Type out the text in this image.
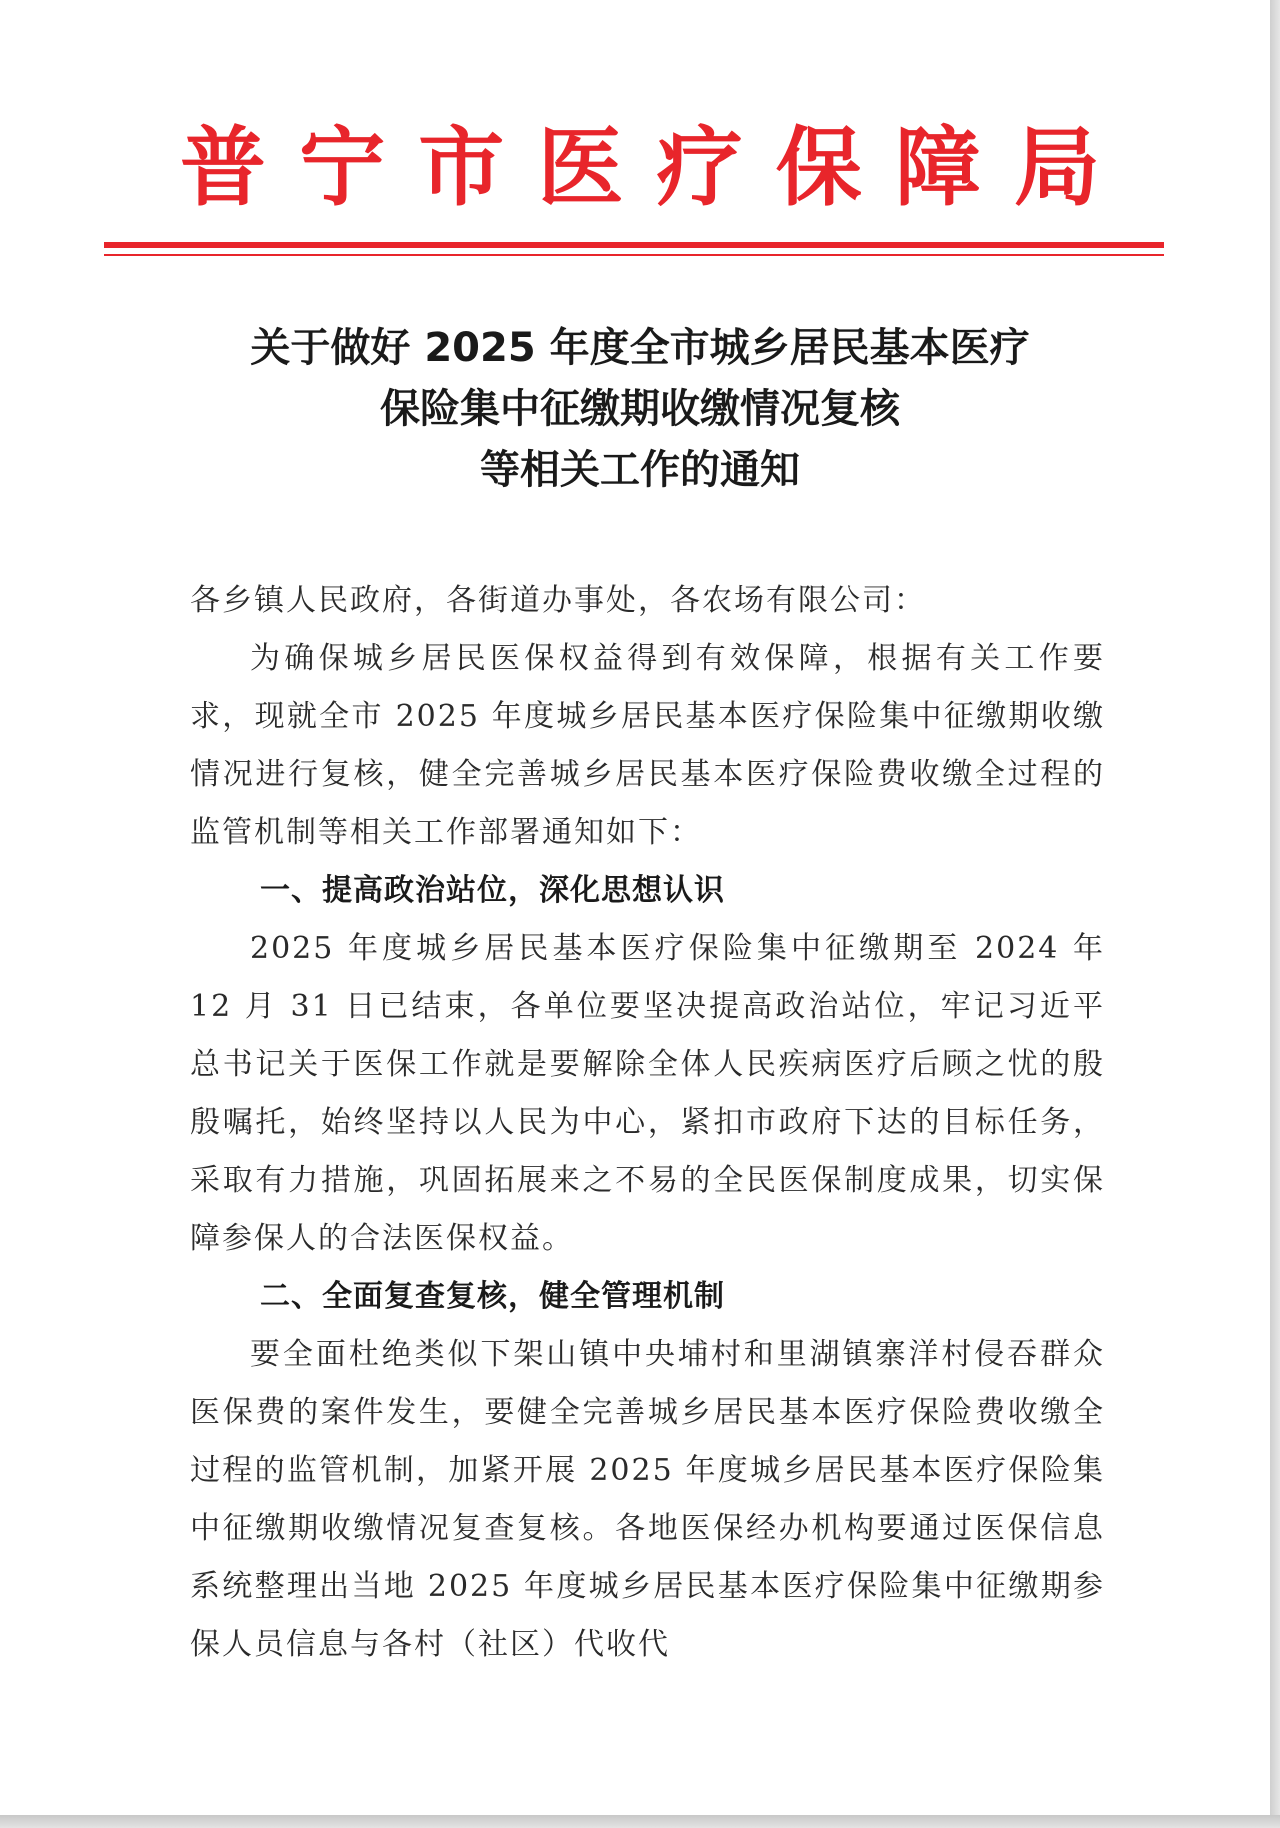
普 宁 市 医 疗 保 障 局
关于做好 2025 年度全市城乡居民基本医疗
保险集中征缴期收缴情况复核
等相关工作的通知

各乡镇人民政府，各街道办事处，各农场有限公司：

为确保城乡居民医保权益得到有效保障，根据有关工作要求，现就全市 2025 年度城乡居民基本医疗保险集中征缴期收缴情况进行复核，健全完善城乡居民基本医疗保险费收缴全过程的监管机制等相关工作部署通知如下：

一、提高政治站位，深化思想认识

2025 年度城乡居民基本医疗保险集中征缴期至 2024 年 12 月 31 日已结束，各单位要坚决提高政治站位，牢记习近平总书记关于医保工作就是要解除全体人民疾病医疗后顾之忧的殷殷嘱托，始终坚持以人民为中心，紧扣市政府下达的目标任务，采取有力措施，巩固拓展来之不易的全民医保制度成果，切实保障参保人的合法医保权益。

二、全面复查复核，健全管理机制

要全面杜绝类似下架山镇中央埔村和里湖镇寨洋村侵吞群众医保费的案件发生，要健全完善城乡居民基本医疗保险费收缴全过程的监管机制，加紧开展 2025 年度城乡居民基本医疗保险集中征缴期收缴情况复查复核。各地医保经办机构要通过医保信息系统整理出当地 2025 年度城乡居民基本医疗保险集中征缴期参保人员信息与各村（社区）代收代
